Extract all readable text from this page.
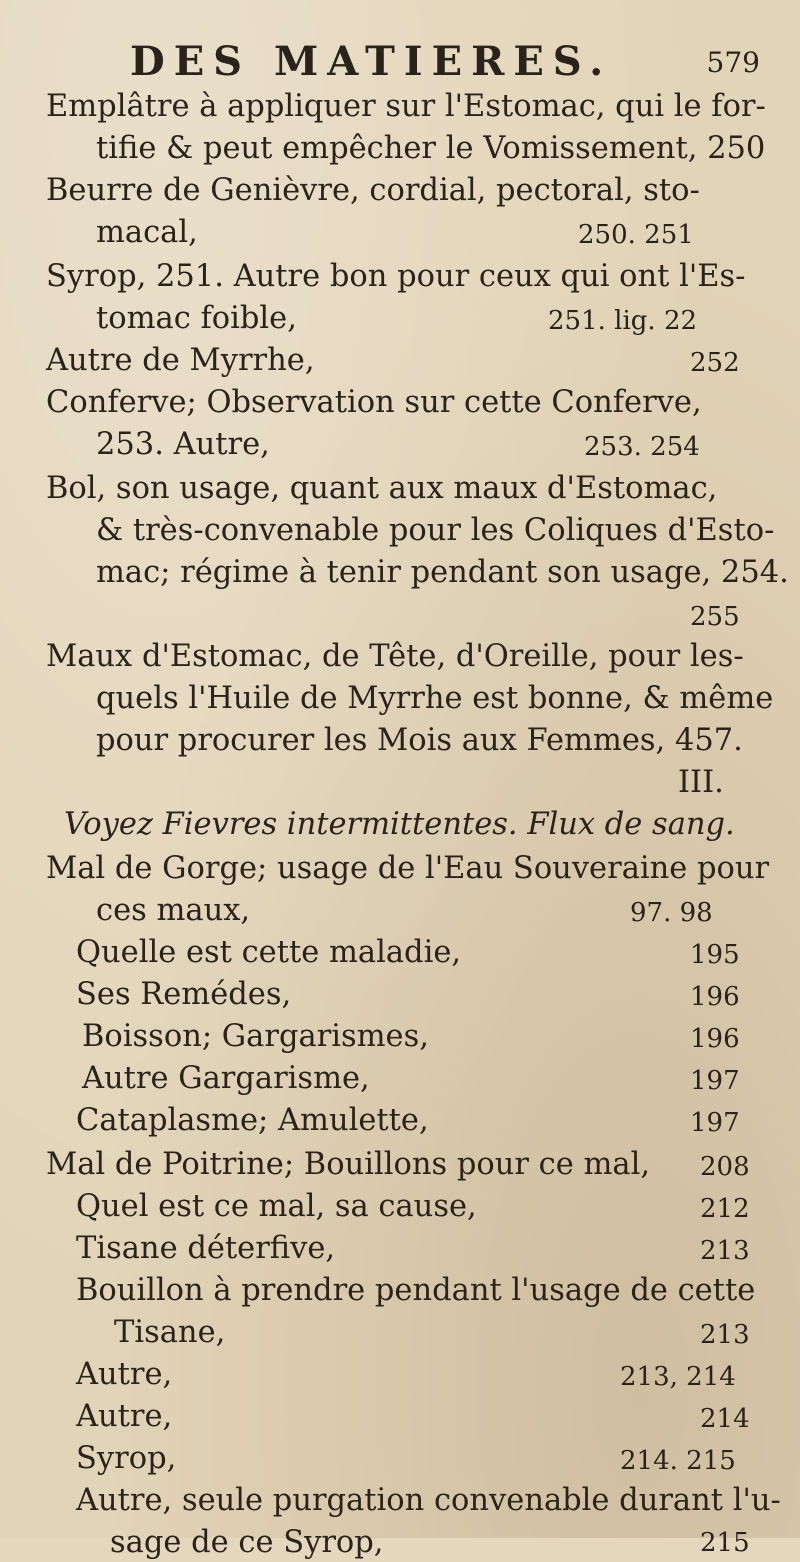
DES MATIERES.	579
Emplâtre à appliquer sur l'Estomac, qui le for-
tifie & peut empêcher le Vomissement, 250
Beurre de Genièvre, cordial, pectoral, sto-
macal,	250. 251
Syrop, 251. Autre bon pour ceux qui ont l'Es-
tomac foible,	251. lig. 22
Autre de Myrrhe,	252
Conferve; Observation sur cette Conferve,
253. Autre,	253. 254
Bol, son usage, quant aux maux d'Estomac,
& très-convenable pour les Coliques d'Esto-
mac; régime à tenir pendant son usage, 254.
255
Maux d'Estomac, de Tête, d'Oreille, pour les-
quels l'Huile de Myrrhe est bonne, & même
pour procurer les Mois aux Femmes, 457.
III.
Voyez Fievres intermittentes. Flux de sang.
Mal de Gorge; usage de l'Eau Souveraine pour
ces maux,	97. 98
Quelle est cette maladie,	195
Ses Remédes,	196
Boisson; Gargarismes,	196
Autre Gargarisme,	197
Cataplasme; Amulette,	197
Mal de Poitrine; Bouillons pour ce mal, 208
Quel est ce mal, sa cause,	212
Tisane déterfive,	213
Bouillon à prendre pendant l'usage de cette
Tisane,	213
Autre,	213, 214
Autre,	214
Syrop,	214. 215
Autre, seule purgation convenable durant l'u-
sage de ce Syrop,	215
